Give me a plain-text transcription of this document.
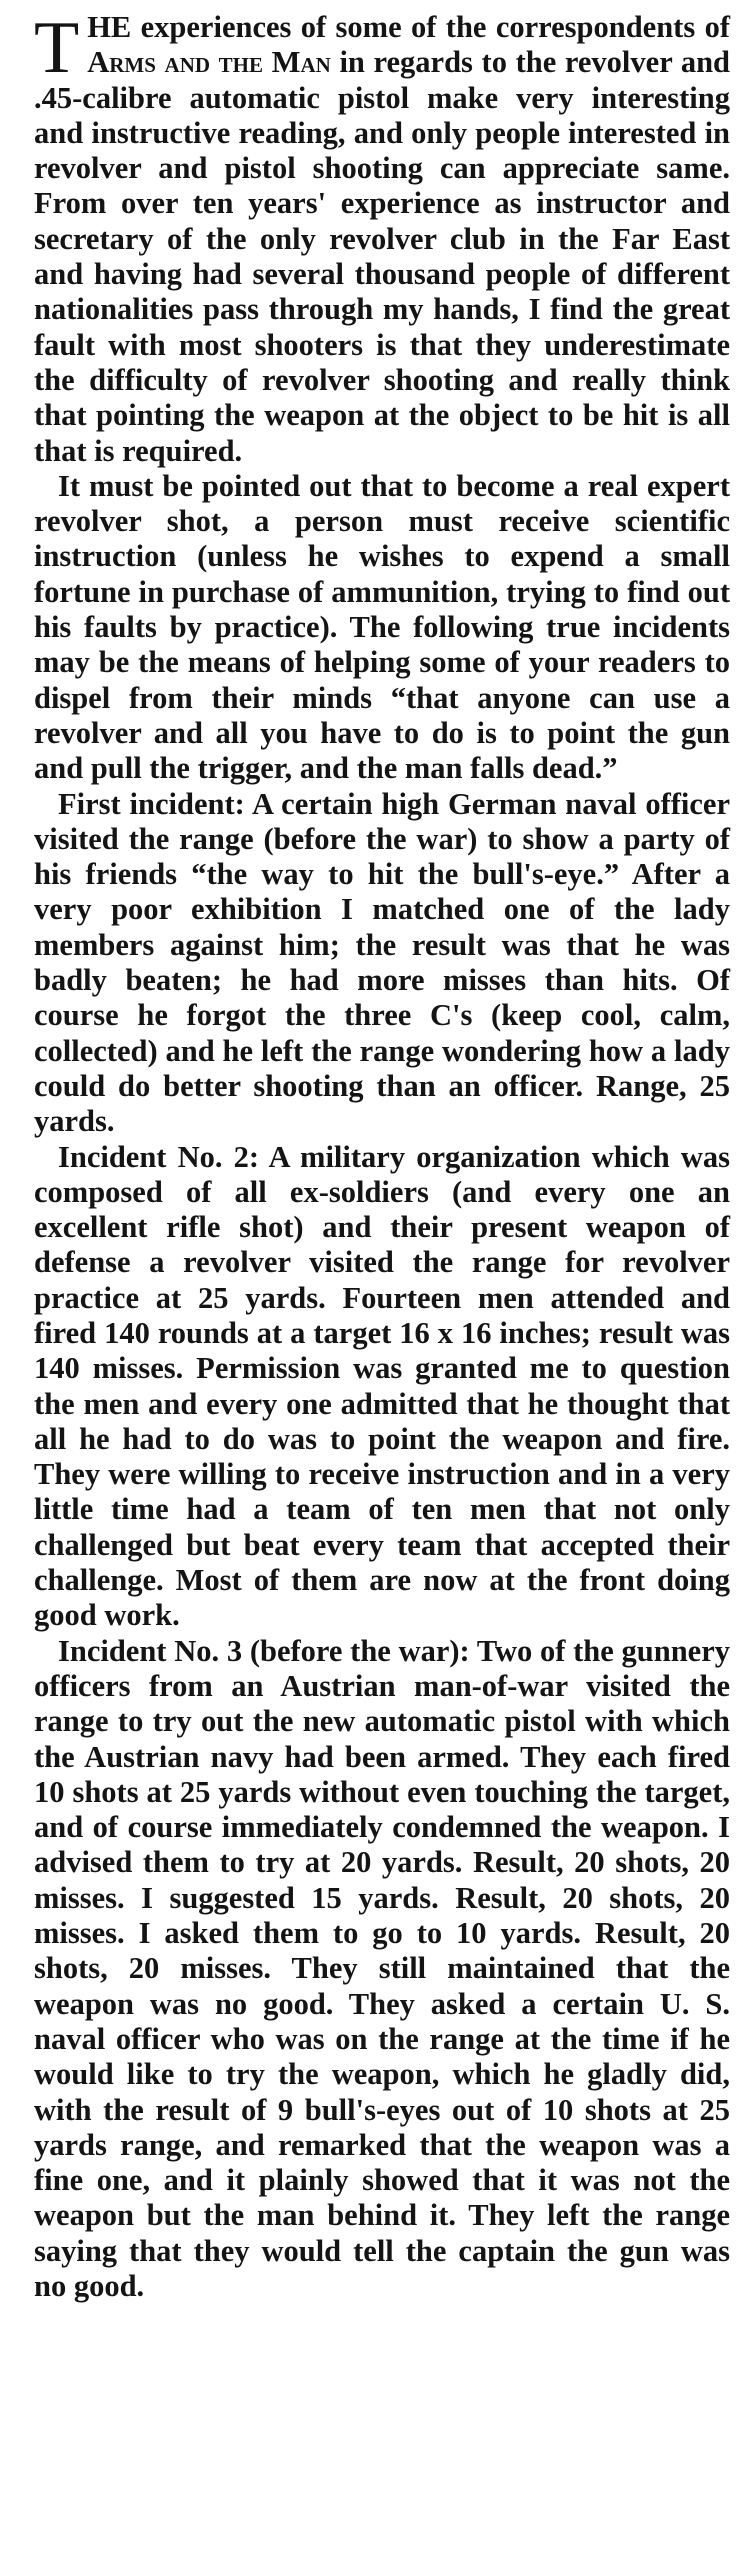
THE experiences of some of the correspondents of Arms and the Man in regards to the revolver and .45-calibre automatic pistol make very interesting and instructive reading, and only people interested in revolver and pistol shooting can appreciate same. From over ten years' experience as instructor and secretary of the only revolver club in the Far East and having had several thousand people of different nationalities pass through my hands, I find the great fault with most shooters is that they underestimate the difficulty of revolver shooting and really think that pointing the weapon at the object to be hit is all that is required.

It must be pointed out that to become a real expert revolver shot, a person must receive scientific instruction (unless he wishes to expend a small fortune in purchase of ammunition, trying to find out his faults by practice). The following true incidents may be the means of helping some of your readers to dispel from their minds “that anyone can use a revolver and all you have to do is to point the gun and pull the trigger, and the man falls dead.”

First incident: A certain high German naval officer visited the range (before the war) to show a party of his friends “the way to hit the bull's-eye.” After a very poor exhibition I matched one of the lady members against him; the result was that he was badly beaten; he had more misses than hits. Of course he forgot the three C's (keep cool, calm, collected) and he left the range wondering how a lady could do better shooting than an officer. Range, 25 yards.

Incident No. 2: A military organization which was composed of all ex-soldiers (and every one an excellent rifle shot) and their present weapon of defense a revolver visited the range for revolver practice at 25 yards. Fourteen men attended and fired 140 rounds at a target 16 x 16 inches; result was 140 misses. Permission was granted me to question the men and every one admitted that he thought that all he had to do was to point the weapon and fire. They were willing to receive instruction and in a very little time had a team of ten men that not only challenged but beat every team that accepted their challenge. Most of them are now at the front doing good work.

Incident No. 3 (before the war): Two of the gunnery officers from an Austrian man-of-war visited the range to try out the new automatic pistol with which the Austrian navy had been armed. They each fired 10 shots at 25 yards without even touching the target, and of course immediately condemned the weapon. I advised them to try at 20 yards. Result, 20 shots, 20 misses. I suggested 15 yards. Result, 20 shots, 20 misses. I asked them to go to 10 yards. Result, 20 shots, 20 misses. They still maintained that the weapon was no good. They asked a certain U. S. naval officer who was on the range at the time if he would like to try the weapon, which he gladly did, with the result of 9 bull's-eyes out of 10 shots at 25 yards range, and remarked that the weapon was a fine one, and it plainly showed that it was not the weapon but the man behind it. They left the range saying that they would tell the captain the gun was no good.
